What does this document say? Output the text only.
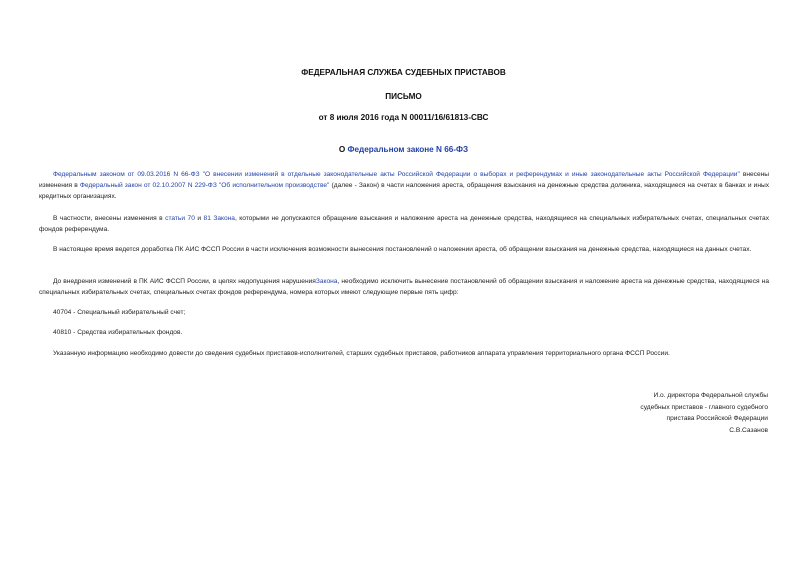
ФЕДЕРАЛЬНАЯ СЛУЖБА СУДЕБНЫХ ПРИСТАВОВ
ПИСЬМО
от 8 июля 2016 года N 00011/16/61813-СВС
О Федеральном законе N 66-ФЗ
Федеральным законом от 09.03.2016 N 66-ФЗ "О внесении изменений в отдельные законодательные акты Российской Федерации о выборах и референдумах и иные законодательные акты Российской Федерации" внесены изменения в Федеральный закон от 02.10.2007 N 229-ФЗ "Об исполнительном производстве" (далее - Закон) в части наложения ареста, обращения взыскания на денежные средства должника, находящиеся на счетах в банках и иных кредитных организациях.
В частности, внесены изменения в статьи 70 и 81 Закона, которыми не допускаются обращение взыскания и наложение ареста на денежные средства, находящиеся на специальных избирательных счетах, специальных счетах фондов референдума.
В настоящее время ведется доработка ПК АИС ФССП России в части исключения возможности вынесения постановлений о наложении ареста, об обращении взыскания на денежные средства, находящиеся на данных счетах.
До внедрения изменений в ПК АИС ФССП России, в целях недопущения нарушенияЗакона, необходимо исключить вынесение постановлений об обращении взыскания и наложение ареста на денежные средства, находящиеся на специальных избирательных счетах, специальных счетах фондов референдума, номера которых имеют следующие первые пять цифр:
40704 - Специальный избирательный счет;
40810 - Средства избирательных фондов.
Указанную информацию необходимо довести до сведения судебных приставов-исполнителей, старших судебных приставов, работников аппарата управления территориального органа ФССП России.
И.о. директора Федеральной службы
судебных приставов - главного судебного
пристава Российской Федерации
С.В.Сазанов
